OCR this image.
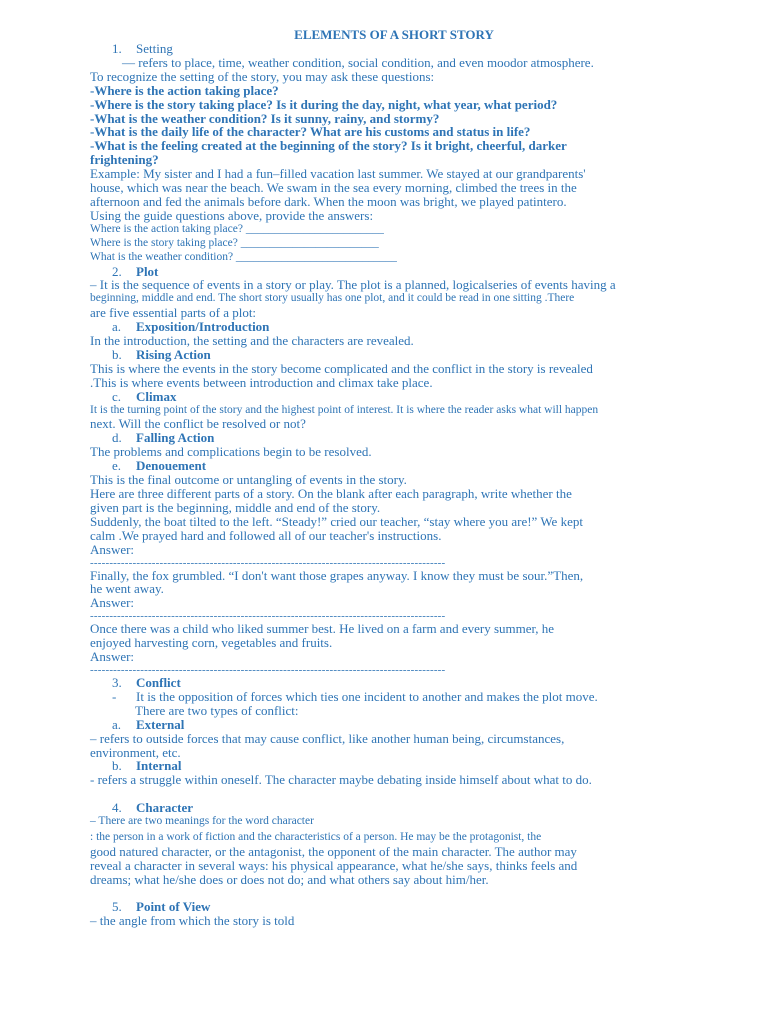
ELEMENTS OF A SHORT STORY
1. Setting
— refers to place, time, weather condition, social condition, and even moodor atmosphere.
To recognize the setting of the story, you may ask these questions:
-Where is the action taking place?
-Where is the story taking place? Is it during the day, night, what year, what period?
-What is the weather condition? Is it sunny, rainy, and stormy?
-What is the daily life of the character? What are his customs and status in life?
-What is the feeling created at the beginning of the story? Is it bright, cheerful, darker
frightening?
Example: My sister and I had a fun–filled vacation last summer. We stayed at our grandparents'
house, which was near the beach. We swam in the sea every morning, climbed the trees in the
afternoon and fed the animals before dark. When the moon was bright, we played patintero.
Using the guide questions above, provide the answers:
Where is the action taking place? ________________________
Where is the story taking place? ________________________
What is the weather condition? ____________________________
2. Plot
– It is the sequence of events in a story or play. The plot is a planned, logicalseries of events having a
beginning, middle and end. The short story usually has one plot, and it could be read in one sitting .There
are five essential parts of a plot:
a. Exposition/Introduction
In the introduction, the setting and the characters are revealed.
b. Rising Action
This is where the events in the story become complicated and the conflict in the story is revealed
.This is where events between introduction and climax take place.
c. Climax
It is the turning point of the story and the highest point of interest. It is where the reader asks what will happen
next. Will the conflict be resolved or not?
d. Falling Action
The problems and complications begin to be resolved.
e. Denouement
This is the final outcome or untangling of events in the story.
Here are three different parts of a story. On the blank after each paragraph, write whether the
given part is the beginning, middle and end of the story.
Suddenly, the boat tilted to the left. “Steady!” cried our teacher, “stay where you are!” We kept
calm .We prayed hard and followed all of our teacher's instructions.
Answer:
--------------------------------------------------------------------------------------------
Finally, the fox grumbled. “I don't want those grapes anyway. I know they must be sour.”Then,
he went away.
Answer:
--------------------------------------------------------------------------------------------
Once there was a child who liked summer best. He lived on a farm and every summer, he
enjoyed harvesting corn, vegetables and fruits.
Answer:
--------------------------------------------------------------------------------------------
3. Conflict
- It is the opposition of forces which ties one incident to another and makes the plot move.
There are two types of conflict:
a. External
– refers to outside forces that may cause conflict, like another human being, circumstances,
environment, etc.
b. Internal
- refers a struggle within oneself. The character maybe debating inside himself about what to do.
4. Character
– There are two meanings for the word character
: the person in a work of fiction and the characteristics of a person. He may be the protagonist, the
good natured character, or the antagonist, the opponent of the main character. The author may
reveal a character in several ways: his physical appearance, what he/she says, thinks feels and
dreams; what he/she does or does not do; and what others say about him/her.
5. Point of View
– the angle from which the story is told
